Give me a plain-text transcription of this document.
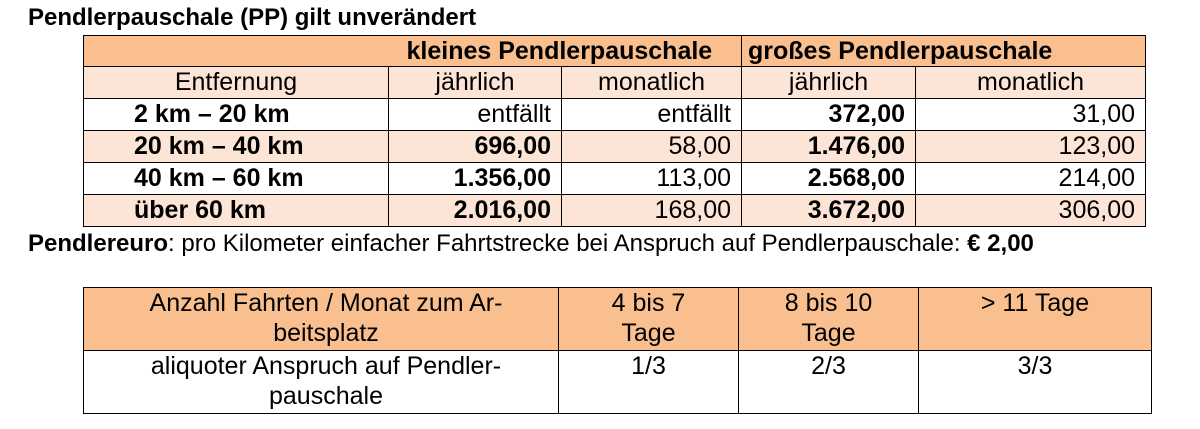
Pendlerpauschale (PP) gilt unverändert
	kleines Pendlerpauschale		großes Pendlerpauschale	
Entfernung	jährlich	monatlich	jährlich	monatlich
2 km – 20 km	entfällt	entfällt	372,00	31,00
20 km – 40 km	696,00	58,00	1.476,00	123,00
40 km – 60 km	1.356,00	113,00	2.568,00	214,00
über 60 km	2.016,00	168,00	3.672,00	306,00
Pendlereuro: pro Kilometer einfacher Fahrtstrecke bei Anspruch auf Pendlerpauschale: € 2,00
Anzahl Fahrten / Monat zum Ar- beitsplatz	4 bis 7 Tage	8 bis 10 Tage	> 11 Tage
aliquoter Anspruch auf Pendler- pauschale	1/3	2/3	3/3
